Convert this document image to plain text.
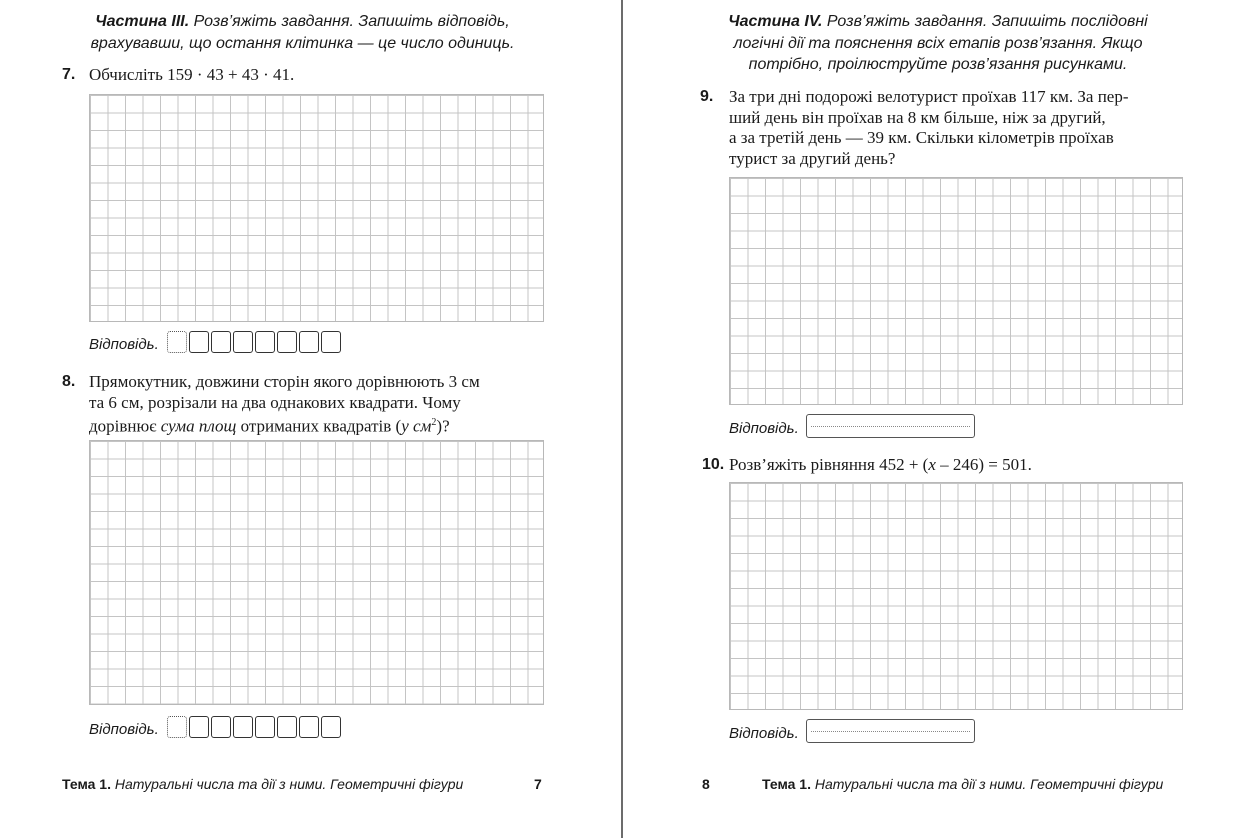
Частина III. Розв’яжіть завдання. Запишіть відповідь,
врахувавши, що остання клітинка — це число одиниць.
7. Обчисліть 159 · 43 + 43 · 41.
Відповідь.
8. Прямокутник, довжини сторін якого дорівнюють 3 см
та 6 см, розрізали на два однакових квадрати. Чому
дорівнює сума площ отриманих квадратів (у $см^2$)?
Відповідь.
Тема 1. Натуральні числа та дії з ними. Геометричні фігури	7
Частина IV. Розв’яжіть завдання. Запишіть послідовні
логічні дії та пояснення всіх етапів розв’язання. Якщо
потрібно, проілюструйте розв’язання рисунками.
9. За три дні подорожі велотурист проїхав 117 км. За пер-
ший день він проїхав на 8 км більше, ніж за другий,
а за третій день — 39 км. Скільки кілометрів проїхав
турист за другий день?
Відповідь.
10. Розв’яжіть рівняння 452 + (x – 246) = 501.
Відповідь.
8	Тема 1. Натуральні числа та дії з ними. Геометричні фігури
